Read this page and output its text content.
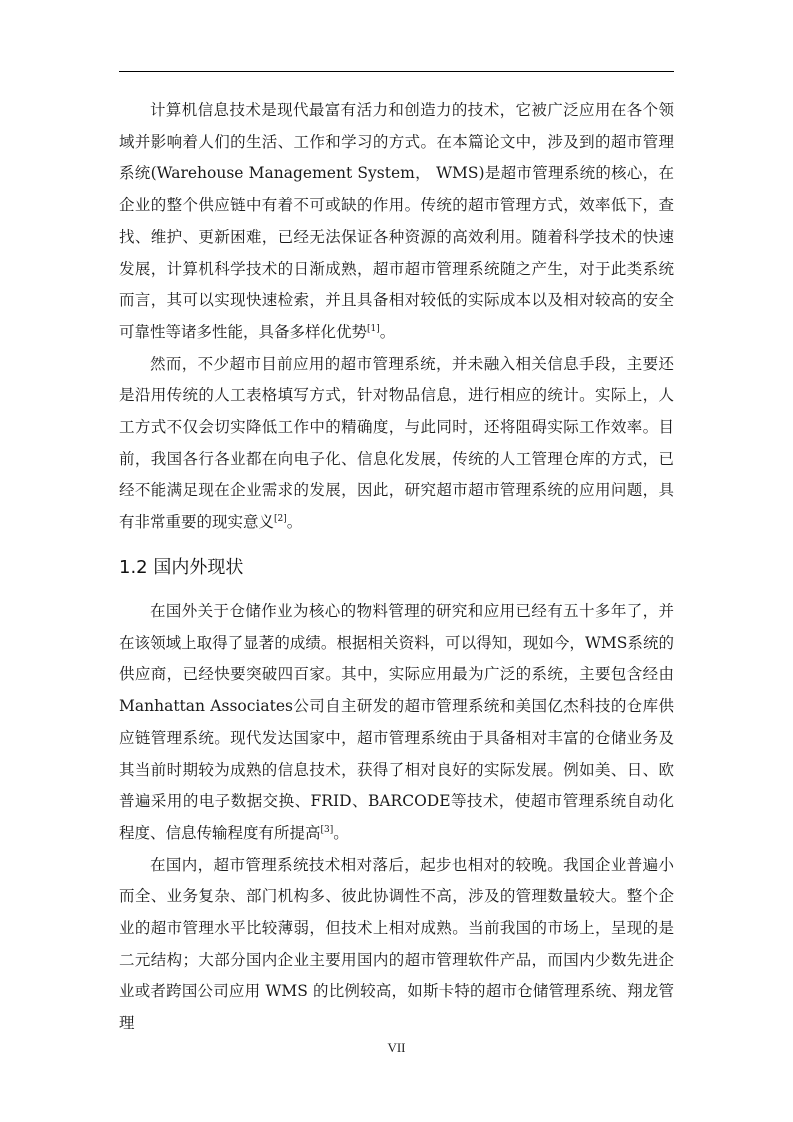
计算机信息技术是现代最富有活力和创造力的技术，它被广泛应用在各个领域并影响着人们的生活、工作和学习的方式。在本篇论文中，涉及到的超市管理系统(Warehouse Management System， WMS)是超市管理系统的核心，在企业的整个供应链中有着不可或缺的作用。传统的超市管理方式，效率低下，查找、维护、更新困难，已经无法保证各种资源的高效利用。随着科学技术的快速发展，计算机科学技术的日渐成熟，超市超市管理系统随之产生，对于此类系统而言，其可以实现快速检索，并且具备相对较低的实际成本以及相对较高的安全可靠性等诸多性能，具备多样化优势[1]。

然而，不少超市目前应用的超市管理系统，并未融入相关信息手段，主要还是沿用传统的人工表格填写方式，针对物品信息，进行相应的统计。实际上，人工方式不仅会切实降低工作中的精确度，与此同时，还将阻碍实际工作效率。目前，我国各行各业都在向电子化、信息化发展，传统的人工管理仓库的方式，已经不能满足现在企业需求的发展，因此，研究超市超市管理系统的应用问题，具有非常重要的现实意义[2]。

1.2 国内外现状

在国外关于仓储作业为核心的物料管理的研究和应用已经有五十多年了，并在该领域上取得了显著的成绩。根据相关资料，可以得知，现如今，WMS系统的供应商，已经快要突破四百家。其中，实际应用最为广泛的系统，主要包含经由Manhattan Associates公司自主研发的超市管理系统和美国亿杰科技的仓库供应链管理系统。现代发达国家中，超市管理系统由于具备相对丰富的仓储业务及其当前时期较为成熟的信息技术，获得了相对良好的实际发展。例如美、日、欧普遍采用的电子数据交换、FRID、BARCODE等技术，使超市管理系统自动化程度、信息传输程度有所提高[3]。

在国内，超市管理系统技术相对落后，起步也相对的较晚。我国企业普遍小而全、业务复杂、部门机构多、彼此协调性不高，涉及的管理数量较大。整个企业的超市管理水平比较薄弱，但技术上相对成熟。当前我国的市场上，呈现的是二元结构；大部分国内企业主要用国内的超市管理软件产品，而国内少数先进企业或者跨国公司应用 WMS 的比例较高，如斯卡特的超市仓储管理系统、翔龙管理

VII
